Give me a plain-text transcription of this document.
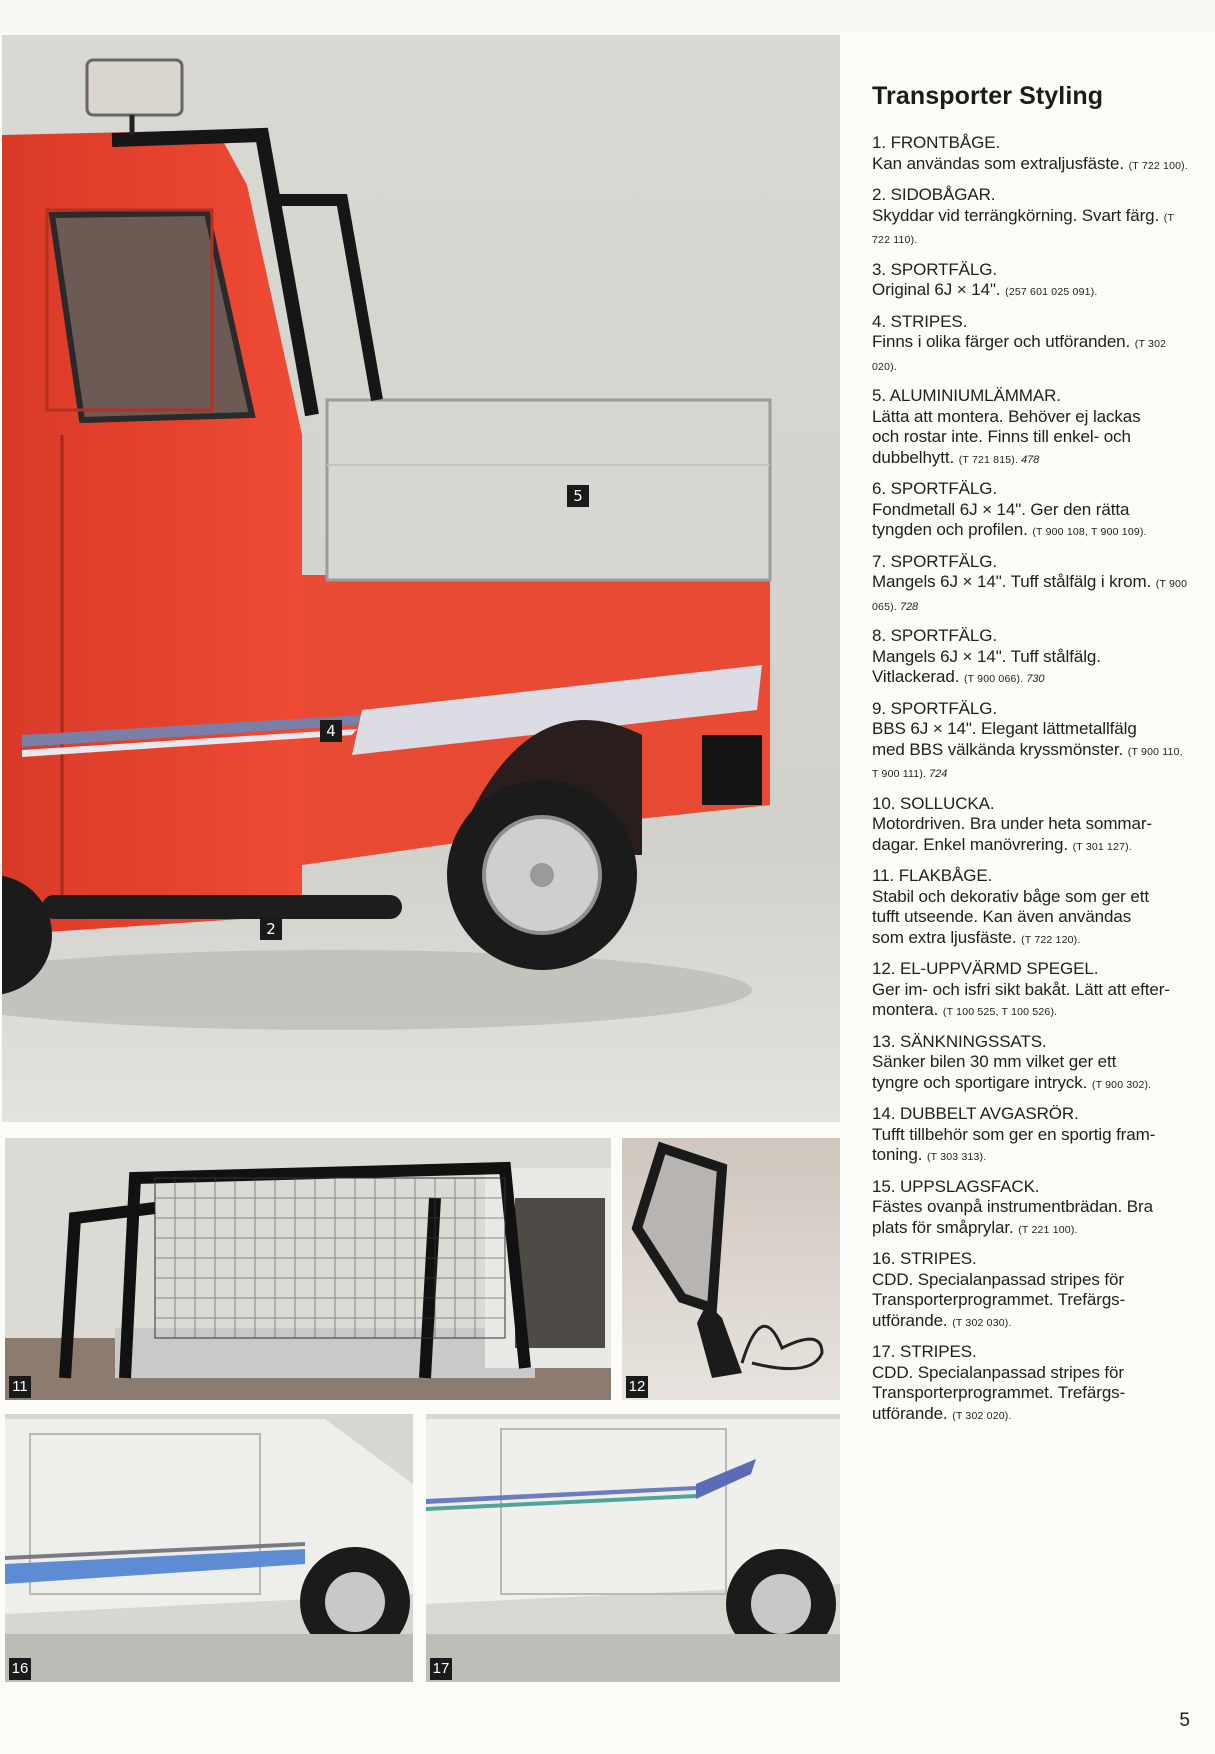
5
4
2
11	12
16	17
Transporter Styling
1. FRONTBÅGE.
Kan användas som extraljusfäste. (T 722 100).
2. SIDOBÅGAR.
Skyddar vid terrängkörning. Svart färg. (T 722 110).
3. SPORTFÄLG.
Original 6J × 14". (257 601 025 091).
4. STRIPES.
Finns i olika färger och utföranden. (T 302 020).
5. ALUMINIUMLÄMMAR.
Lätta att montera. Behöver ej lackas
och rostar inte. Finns till enkel- och
dubbelhytt. (T 721 815). 478
6. SPORTFÄLG.
Fondmetall 6J × 14". Ger den rätta
tyngden och profilen. (T 900 108, T 900 109).
7. SPORTFÄLG.
Mangels 6J × 14". Tuff stålfälg i krom. (T 900 065). 728
8. SPORTFÄLG.
Mangels 6J × 14". Tuff stålfälg.
Vitlackerad. (T 900 066). 730
9. SPORTFÄLG.
BBS 6J × 14". Elegant lättmetallfälg
med BBS välkända kryssmönster. (T 900 110, T 900 111). 724
10. SOLLUCKA.
Motordriven. Bra under heta sommar-
dagar. Enkel manövrering. (T 301 127).
11. FLAKBÅGE.
Stabil och dekorativ båge som ger ett
tufft utseende. Kan även användas
som extra ljusfäste. (T 722 120).
12. EL-UPPVÄRMD SPEGEL.
Ger im- och isfri sikt bakåt. Lätt att efter-
montera. (T 100 525, T 100 526).
13. SÄNKNINGSSATS.
Sänker bilen 30 mm vilket ger ett
tyngre och sportigare intryck. (T 900 302).
14. DUBBELT AVGASRÖR.
Tufft tillbehör som ger en sportig fram-
toning. (T 303 313).
15. UPPSLAGSFACK.
Fästes ovanpå instrumentbrädan. Bra
plats för småprylar. (T 221 100).
16. STRIPES.
CDD. Specialanpassad stripes för
Transporterprogrammet. Trefärgs-
utförande. (T 302 030).
17. STRIPES.
CDD. Specialanpassad stripes för
Transporterprogrammet. Trefärgs-
utförande. (T 302 020).
5
